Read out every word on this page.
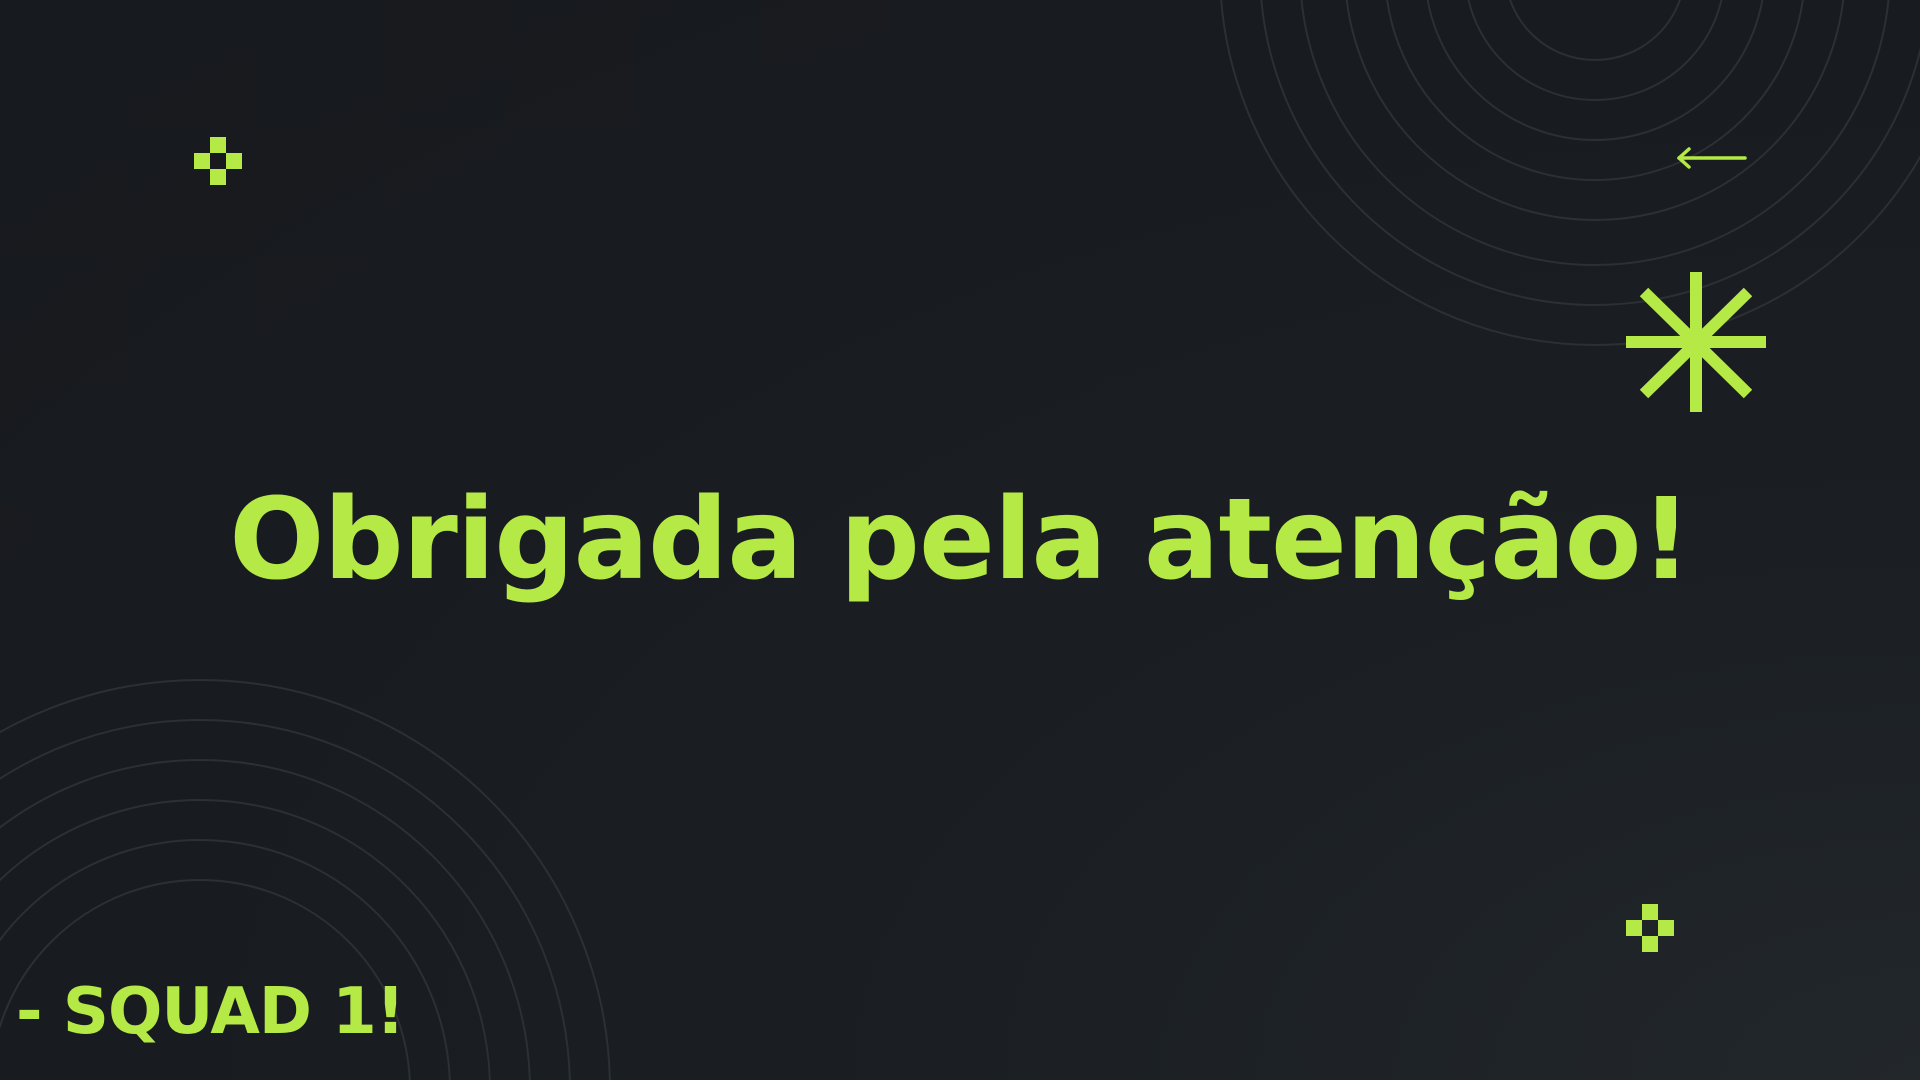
Obrigada pela atenção!

- SQUAD 1!
